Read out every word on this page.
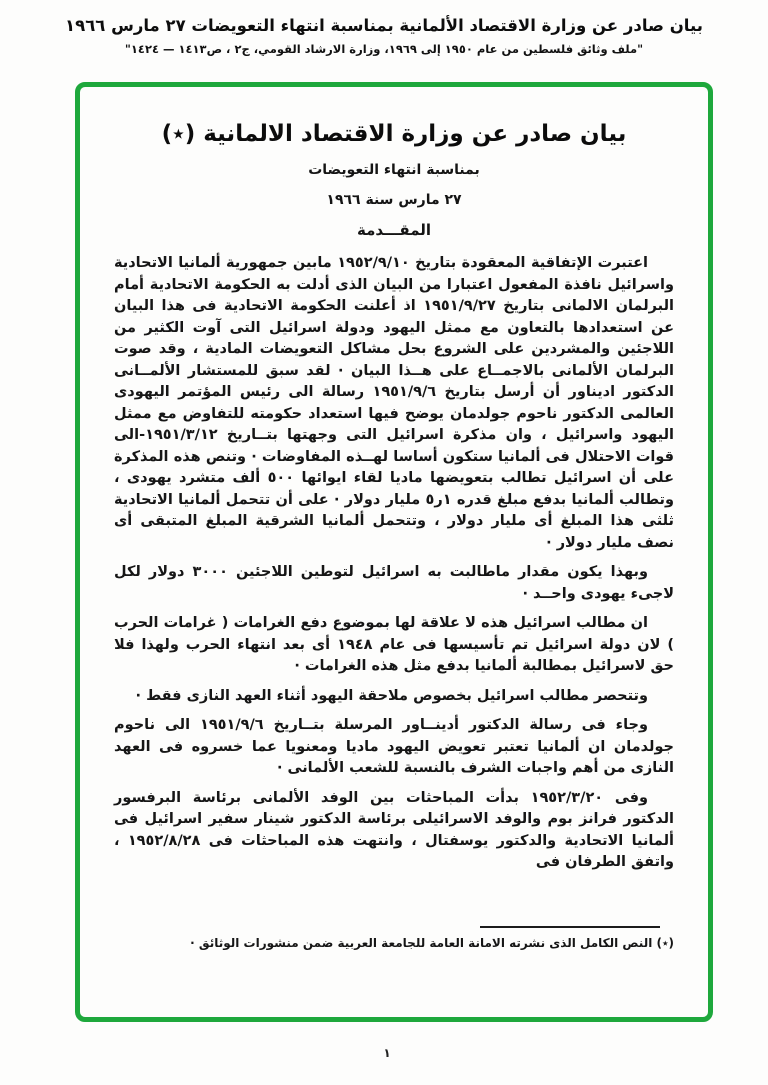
بيان صادر عن وزارة الاقتصاد الألمانية بمناسبة انتهاء التعويضات ٢٧ مارس ١٩٦٦
"ملف وثائق فلسطين من عام ١٩٥٠ إلى ١٩٦٩، وزارة الارشاد القومي، ج٢ ، ص١٤١٣ — ١٤٢٤"
بيان صادر عن وزارة الاقتصاد الالمانية (٭)
بمناسبة انتهاء التعويضات
٢٧ مارس سنة ١٩٦٦
المقـــدمة

اعتبرت الإتفاقية المعقودة بتاريخ ١٩٥٢/٩/١٠ مابين جمهورية ألمانيا الاتحادية واسرائيل نافذة المفعول اعتبارا من البيان الذى أدلت به الحكومة الاتحادية أمام البرلمان الالمانى بتاريخ ١٩٥١/٩/٢٧ اذ أعلنت الحكومة الاتحادية فى هذا البيان عن استعدادها بالتعاون مع ممثل اليهود ودولة اسرائيل التى آوت الكثير من اللاجئين والمشردين على الشروع بحل مشاكل التعويضات المادية ، وقد صوت البرلمان الألمانى بالاجمــاع على هــذا البيان · لقد سبق للمستشار الألمــانى الدكتور اديناور أن أرسل بتاريخ ١٩٥١/٩/٦ رسالة الى رئيس المؤتمر اليهودى العالمى الدكتور ناحوم جولدمان يوضح فيها استعداد حكومته للتفاوض مع ممثل اليهود واسرائيل ، وان مذكرة اسرائيل التى وجهتها بتــاريخ ١٩٥١/٣/١٢-الى قوات الاحتلال فى ألمانيا ستكون أساسا لهــذه المفاوضات · وتنص هذه المذكرة على أن اسرائيل تطالب بتعويضها ماديا لقاء ايوائها ٥٠٠ ألف متشرد يهودى ، وتطالب ألمانيا بدفع مبلغ قدره ١ر٥ مليار دولار · على أن تتحمل ألمانيا الاتحادية ثلثى هذا المبلغ أى مليار دولار ، وتتحمل ألمانيا الشرقية المبلغ المتبقى أى نصف مليار دولار ·

وبهذا يكون مقدار ماطالبت به اسرائيل لتوطين اللاجئين ٣٠٠٠ دولار لكل لاجىء يهودى واحــد ·

ان مطالب اسرائيل هذه لا علاقة لها بموضوع دفع الغرامات ( غرامات الحرب ) لان دولة اسرائيل تم تأسيسها فى عام ١٩٤٨ أى بعد انتهاء الحرب ولهذا فلا حق لاسرائيل بمطالبة ألمانيا بدفع مثل هذه الغرامات ·

وتتحصر مطالب اسرائيل بخصوص ملاحقة اليهود أثناء العهد النازى فقط ·

وجاء فى رسالة الدكتور أدينــاور المرسلة بتــاريخ ١٩٥١/٩/٦ الى ناحوم جولدمان ان ألمانيا تعتبر تعويض اليهود ماديا ومعنويا عما خسروه فى العهد النازى من أهم واجبات الشرف بالنسبة للشعب الألمانى ·

وفى ١٩٥٢/٣/٢٠ بدأت المباحثات بين الوفد الألمانى برئاسة البرفسور الدكتور فرانز بوم والوفد الاسرائيلى برئاسة الدكتور شينار سفير اسرائيل فى ألمانيا الاتحادية والدكتور يوسفتال ، وانتهت هذه المباحثات فى ١٩٥٢/٨/٢٨ ، واتفق الطرفان فى

(٭) النص الكامل الذى نشرته الامانة العامة للجامعة العربية ضمن منشورات الوثائق ·
١
